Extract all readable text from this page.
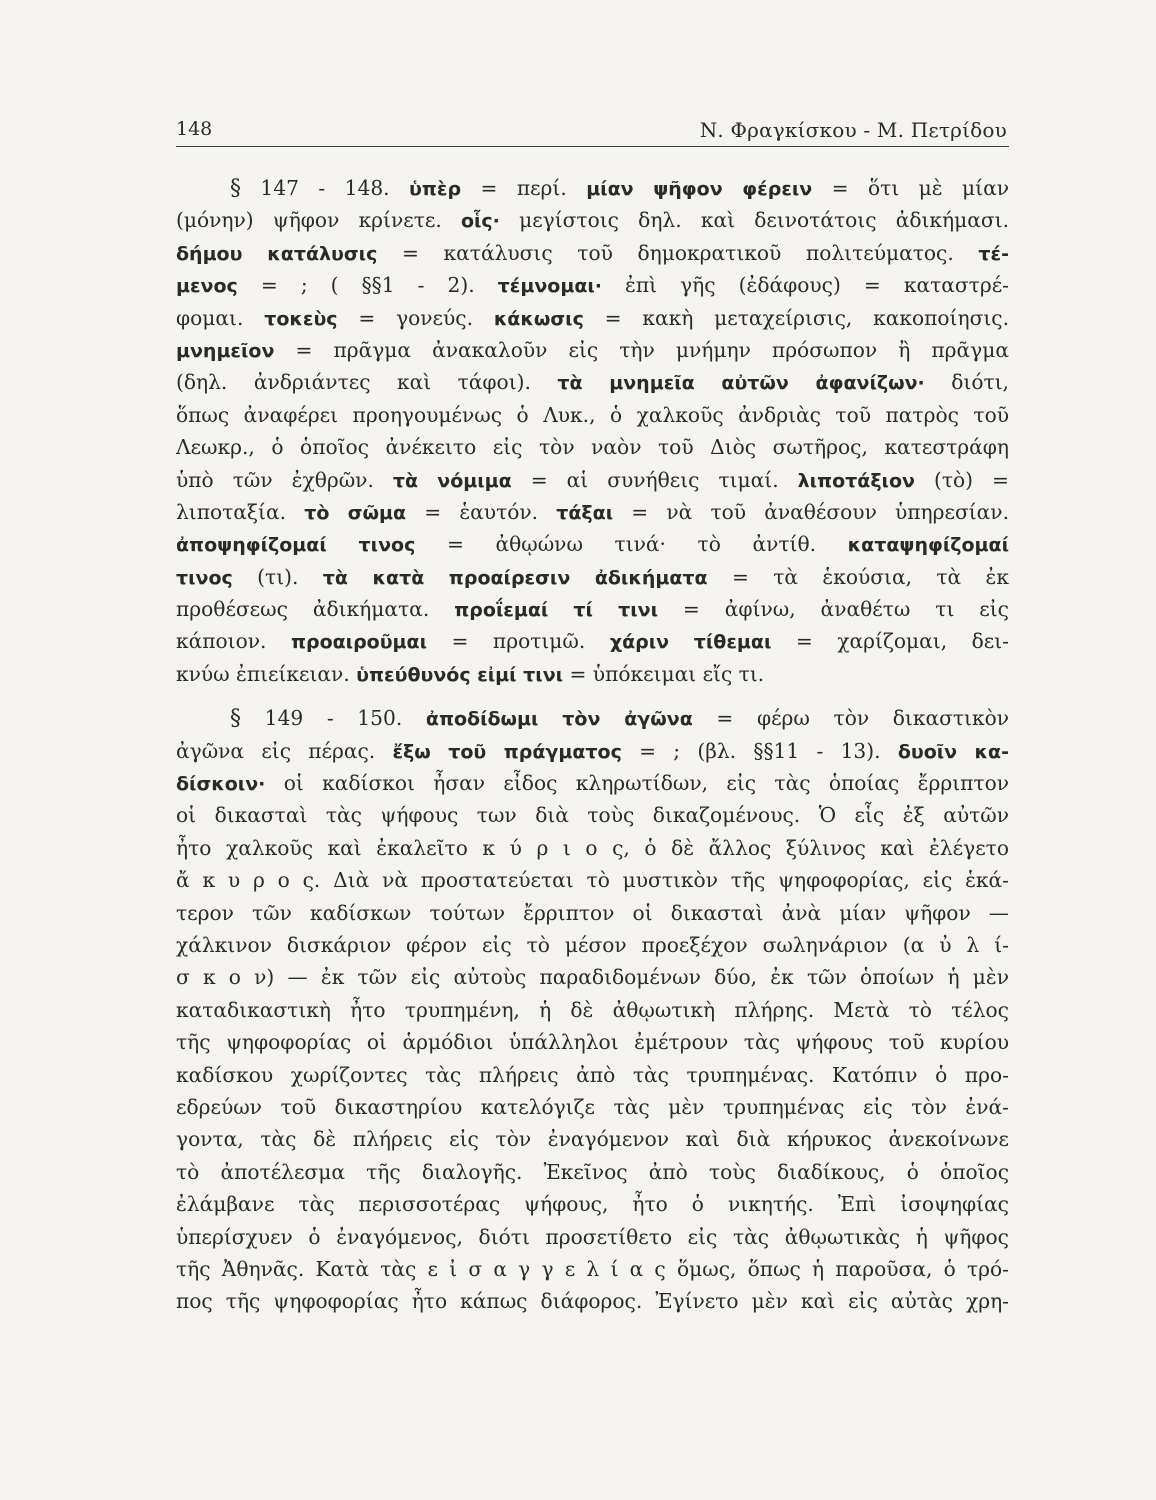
148	Ν. Φραγκίσκου - Μ. Πετρίδου
§ 147 - 148. ὑπὲρ = περί. μίαν ψῆφον φέρειν = ὅτι μὲ μίαν
(μόνην) ψῆφον κρίνετε. οἷς· μεγίστοις δηλ. καὶ δεινοτάτοις ἀδικήμασι.
δήμου κατάλυσις = κατάλυσις τοῦ δημοκρατικοῦ πολιτεύματος. τέ-
μενος = ; ( §§1 - 2). τέμνομαι· ἐπὶ γῆς (ἐδάφους) = καταστρέ-
φομαι. τοκεὺς = γονεύς. κάκωσις = κακὴ μεταχείρισις, κακοποίησις.
μνημεῖον = πρᾶγμα ἀνακαλοῦν εἰς τὴν μνήμην πρόσωπον ἢ πρᾶγμα
(δηλ. ἀνδριάντες καὶ τάφοι). τὰ μνημεῖα αὐτῶν ἀφανίζων· διότι,
ὅπως ἀναφέρει προηγουμένως ὁ Λυκ., ὁ χαλκοῦς ἀνδριὰς τοῦ πατρὸς τοῦ
Λεωκρ., ὁ ὁποῖος ἀνέκειτο εἰς τὸν ναὸν τοῦ Διὸς σωτῆρος, κατεστράφη
ὑπὸ τῶν ἐχθρῶν. τὰ νόμιμα = αἱ συνήθεις τιμαί. λιποτάξιον (τὸ) =
λιποταξία. τὸ σῶμα = ἑαυτόν. τάξαι = νὰ τοῦ ἀναθέσουν ὑπηρεσίαν.
ἀποψηφίζομαί τινος = ἀθῳώνω τινά· τὸ ἀντίθ. καταψηφίζομαί
τινος (τι). τὰ κατὰ προαίρεσιν ἀδικήματα = τὰ ἑκούσια, τὰ ἐκ
προθέσεως ἀδικήματα. προΐεμαί τί τινι = ἀφίνω, ἀναθέτω τι εἰς
κάποιον. προαιροῦμαι = προτιμῶ. χάριν τίθεμαι = χαρίζομαι, δει-
κνύω ἐπιείκειαν. ὑπεύθυνός εἰμί τινι = ὑπόκειμαι εἴς τι.
§ 149 - 150. ἀποδίδωμι τὸν ἀγῶνα = φέρω τὸν δικαστικὸν
ἀγῶνα εἰς πέρας. ἔξω τοῦ πράγματος = ; (βλ. §§11 - 13). δυοῖν κα-
δίσκοιν· οἱ καδίσκοι ἦσαν εἶδος κληρωτίδων, εἰς τὰς ὁποίας ἔρριπτον
οἱ δικασταὶ τὰς ψήφους των διὰ τοὺς δικαζομένους. Ὁ εἷς ἐξ αὐτῶν
ἦτο χαλκοῦς καὶ ἐκαλεῖτο κ ύ ρ ι ο ς, ὁ δὲ ἄλλος ξύλινος καὶ ἐλέγετο
ἄ κ υ ρ ο ς. Διὰ νὰ προστατεύεται τὸ μυστικὸν τῆς ψηφοφορίας, εἰς ἑκά-
τερον τῶν καδίσκων τούτων ἔρριπτον οἱ δικασταὶ ἀνὰ μίαν ψῆφον —
χάλκινον δισκάριον φέρον εἰς τὸ μέσον προεξέχον σωληνάριον (α ὐ λ ί-
σ κ ο ν) — ἐκ τῶν εἰς αὐτοὺς παραδιδομένων δύο, ἐκ τῶν ὁποίων ἡ μὲν
καταδικαστικὴ ἦτο τρυπημένη, ἡ δὲ ἀθῳωτικὴ πλήρης. Μετὰ τὸ τέλος
τῆς ψηφοφορίας οἱ ἁρμόδιοι ὑπάλληλοι ἐμέτρουν τὰς ψήφους τοῦ κυρίου
καδίσκου χωρίζοντες τὰς πλήρεις ἀπὸ τὰς τρυπημένας. Κατόπιν ὁ προ-
εδρεύων τοῦ δικαστηρίου κατελόγιζε τὰς μὲν τρυπημένας εἰς τὸν ἐνά-
γοντα, τὰς δὲ πλήρεις εἰς τὸν ἐναγόμενον καὶ διὰ κήρυκος ἀνεκοίνωνε
τὸ ἀποτέλεσμα τῆς διαλογῆς. Ἐκεῖνος ἀπὸ τοὺς διαδίκους, ὁ ὁποῖος
ἐλάμβανε τὰς περισσοτέρας ψήφους, ἦτο ὁ νικητής. Ἐπὶ ἰσοψηφίας
ὑπερίσχυεν ὁ ἐναγόμενος, διότι προσετίθετο εἰς τὰς ἀθῳωτικὰς ἡ ψῆφος
τῆς Ἀθηνᾶς. Κατὰ τὰς ε ἰ σ α γ γ ε λ ί α ς ὅμως, ὅπως ἡ παροῦσα, ὁ τρό-
πος τῆς ψηφοφορίας ἦτο κάπως διάφορος. Ἐγίνετο μὲν καὶ εἰς αὐτὰς χρη-
